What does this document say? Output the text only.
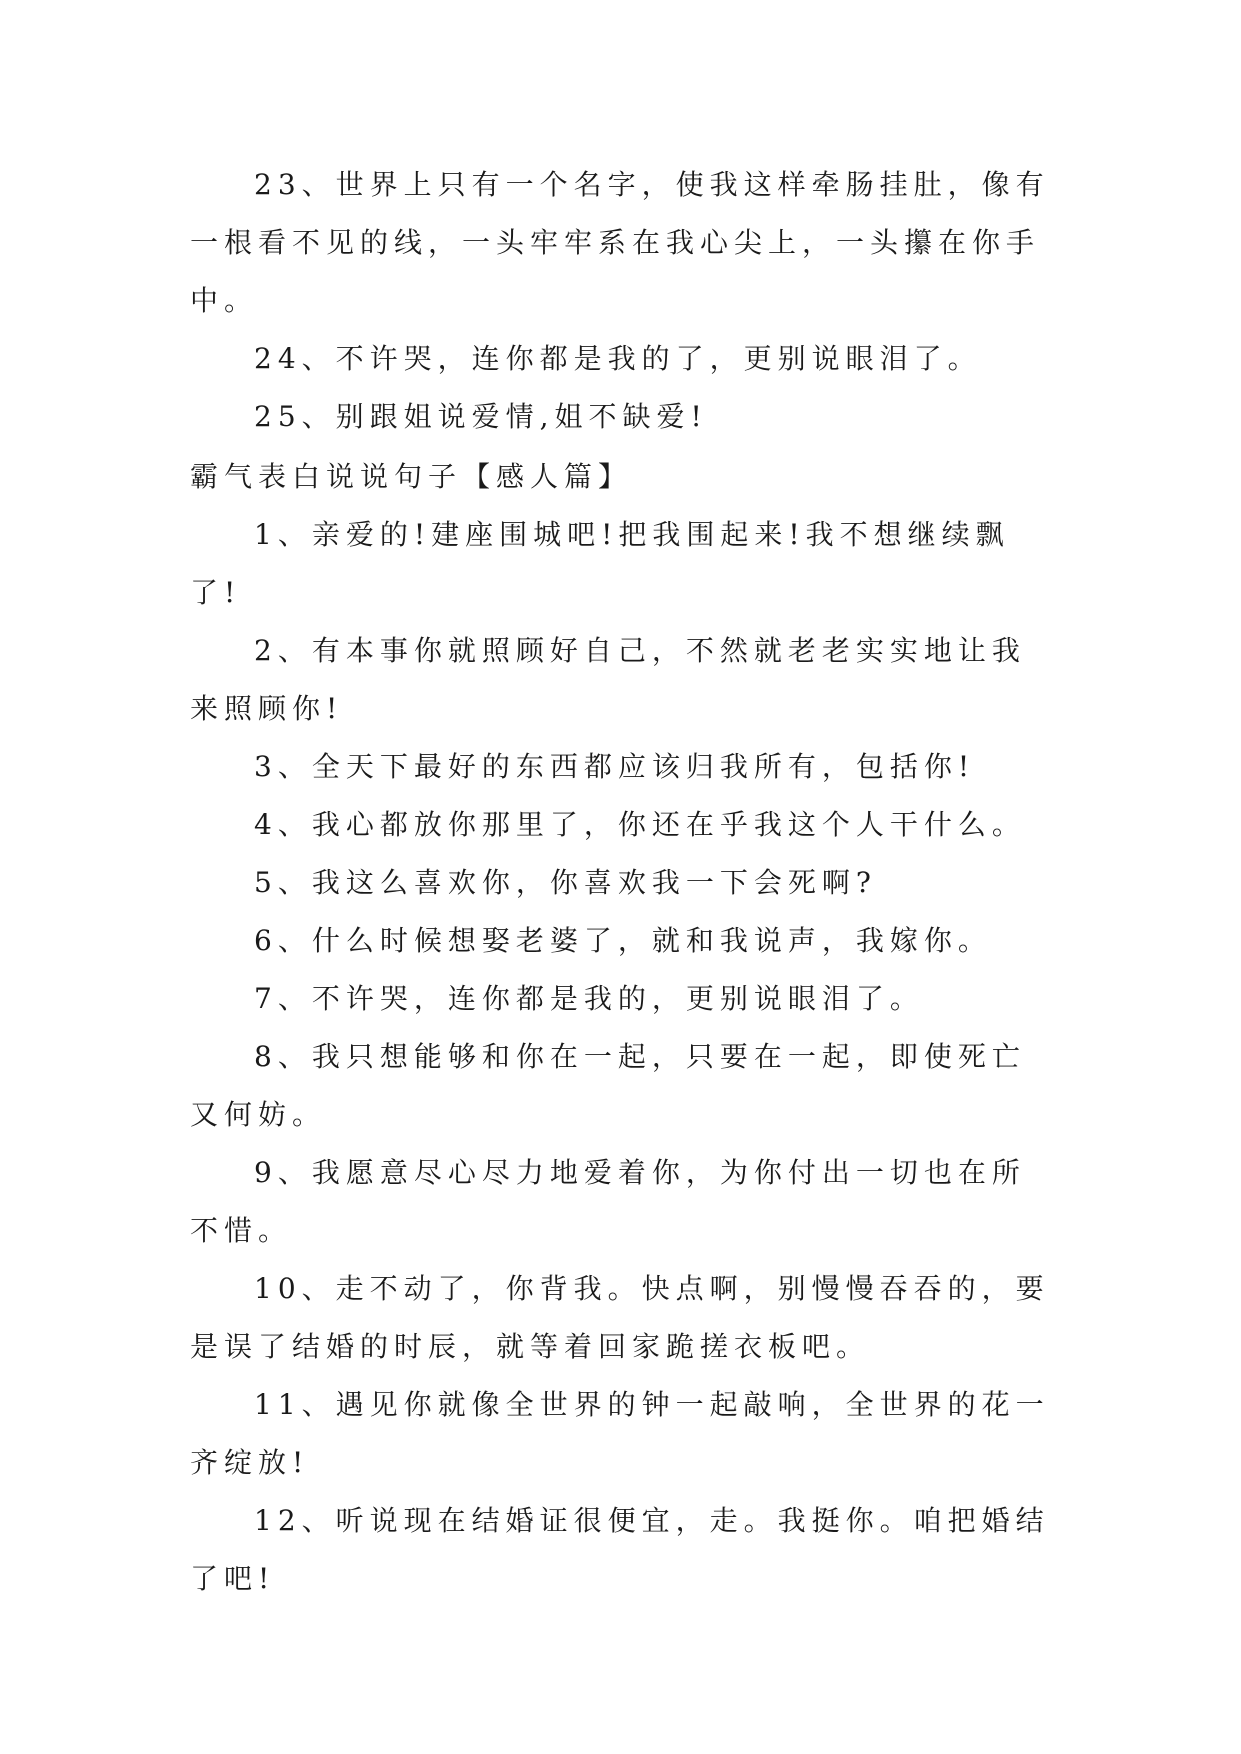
23、世界上只有一个名字，使我这样牵肠挂肚，像有一根看不见的线，一头牢牢系在我心尖上，一头攥在你手中。

24、不许哭，连你都是我的了，更别说眼泪了。

25、别跟姐说爱情,姐不缺爱!

霸气表白说说句子【感人篇】

1、亲爱的!建座围城吧!把我围起来!我不想继续飘了!

2、有本事你就照顾好自己，不然就老老实实地让我来照顾你!

3、全天下最好的东西都应该归我所有，包括你!

4、我心都放你那里了，你还在乎我这个人干什么。

5、我这么喜欢你，你喜欢我一下会死啊?

6、什么时候想娶老婆了，就和我说声，我嫁你。

7、不许哭，连你都是我的，更别说眼泪了。

8、我只想能够和你在一起，只要在一起，即使死亡又何妨。

9、我愿意尽心尽力地爱着你，为你付出一切也在所不惜。

10、走不动了，你背我。快点啊，别慢慢吞吞的，要是误了结婚的时辰，就等着回家跪搓衣板吧。

11、遇见你就像全世界的钟一起敲响，全世界的花一齐绽放!

12、听说现在结婚证很便宜，走。我挺你。咱把婚结了吧!
